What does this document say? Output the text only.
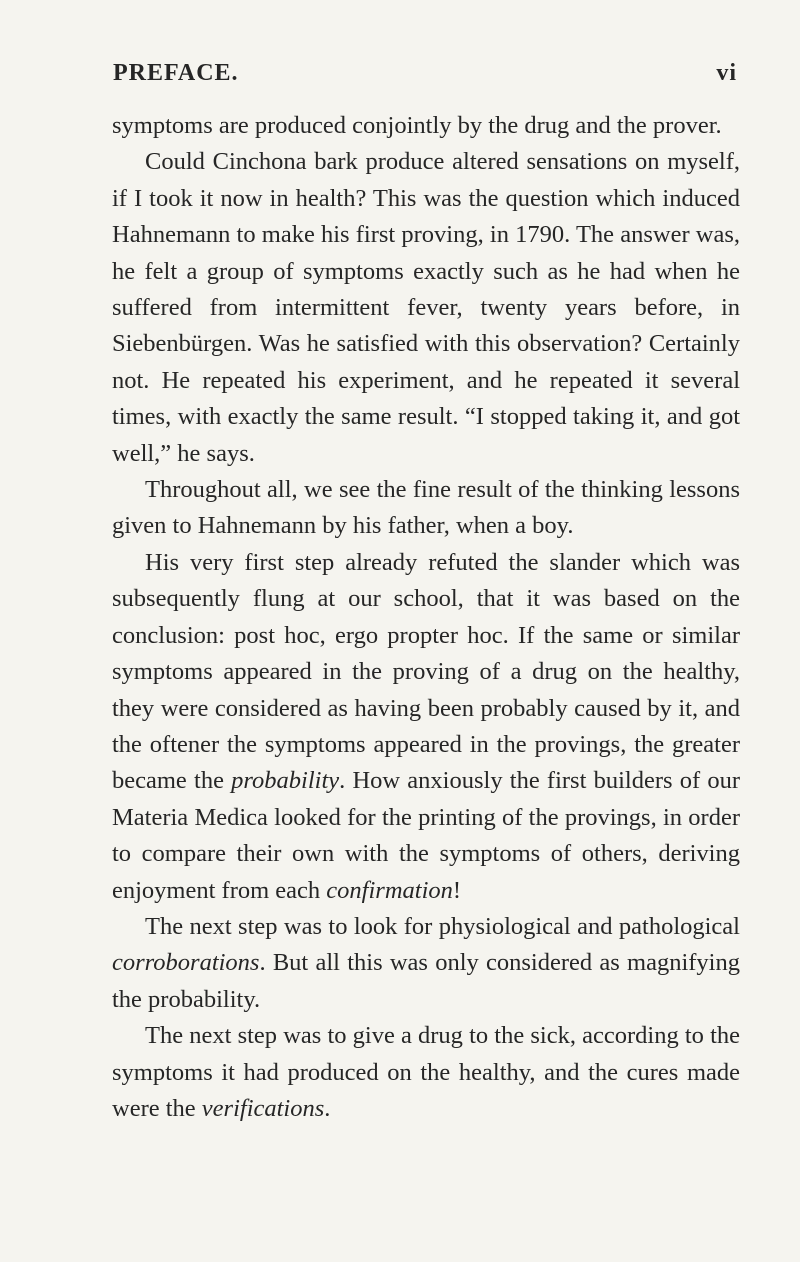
PREFACE.	vi

symptoms are produced conjointly by the drug and the prover.

Could Cinchona bark produce altered sensations on myself, if I took it now in health? This was the question which induced Hahnemann to make his first proving, in 1790. The answer was, he felt a group of symptoms exactly such as he had when he suffered from intermittent fever, twenty years before, in Siebenbürgen. Was he satisfied with this observation? Certainly not. He repeated his experiment, and he repeated it several times, with exactly the same result. “I stopped taking it, and got well,” he says.

Throughout all, we see the fine result of the thinking lessons given to Hahnemann by his father, when a boy.

His very first step already refuted the slander which was subsequently flung at our school, that it was based on the conclusion: post hoc, ergo propter hoc. If the same or similar symptoms appeared in the proving of a drug on the healthy, they were considered as having been probably caused by it, and the oftener the symptoms appeared in the provings, the greater became the probability. How anxiously the first builders of our Materia Medica looked for the printing of the provings, in order to compare their own with the symptoms of others, deriving enjoyment from each confirmation!

The next step was to look for physiological and pathological corroborations. But all this was only considered as magnifying the probability.

The next step was to give a drug to the sick, according to the symptoms it had produced on the healthy, and the cures made were the verifications.
